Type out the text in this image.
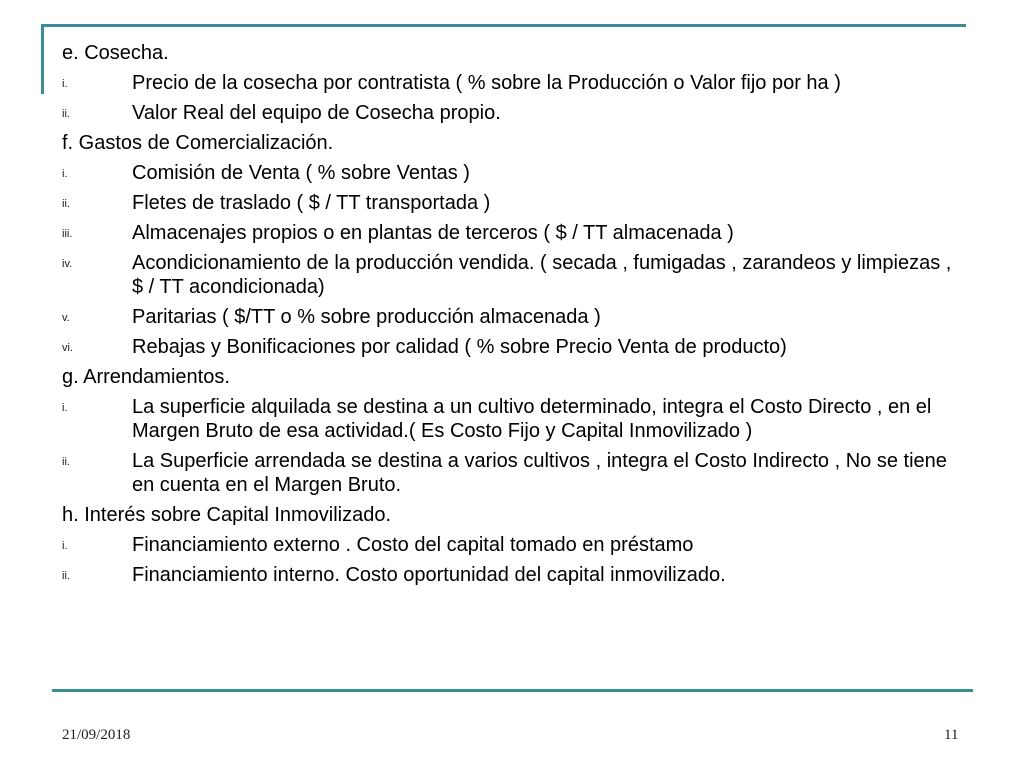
e. Cosecha.

i.	Precio de la cosecha por contratista ( % sobre la Producción o Valor fijo por ha )
ii.	Valor Real del equipo de Cosecha propio.

f. Gastos de Comercialización.

i.	Comisión de Venta ( % sobre Ventas )
ii.	Fletes de traslado ( $ / TT transportada )
iii.	Almacenajes propios o en plantas de terceros ( $ / TT almacenada )
iv.	Acondicionamiento de la producción vendida. ( secada , fumigadas , zarandeos y limpiezas , $ / TT acondicionada)
v.	Paritarias ( $/TT o % sobre producción almacenada )
vi.	Rebajas y Bonificaciones por calidad ( % sobre Precio Venta de producto)

g. Arrendamientos.

i.	La superficie alquilada se destina a un cultivo determinado, integra el Costo Directo , en el Margen Bruto de esa actividad.( Es Costo Fijo y Capital Inmovilizado )
ii.	La Superficie arrendada se destina a varios cultivos , integra el Costo Indirecto , No se tiene en cuenta en el Margen Bruto.

h. Interés sobre Capital Inmovilizado.

i.	Financiamiento externo . Costo del capital tomado en préstamo
ii.	Financiamiento interno. Costo oportunidad del capital inmovilizado.
21/09/2018	11
